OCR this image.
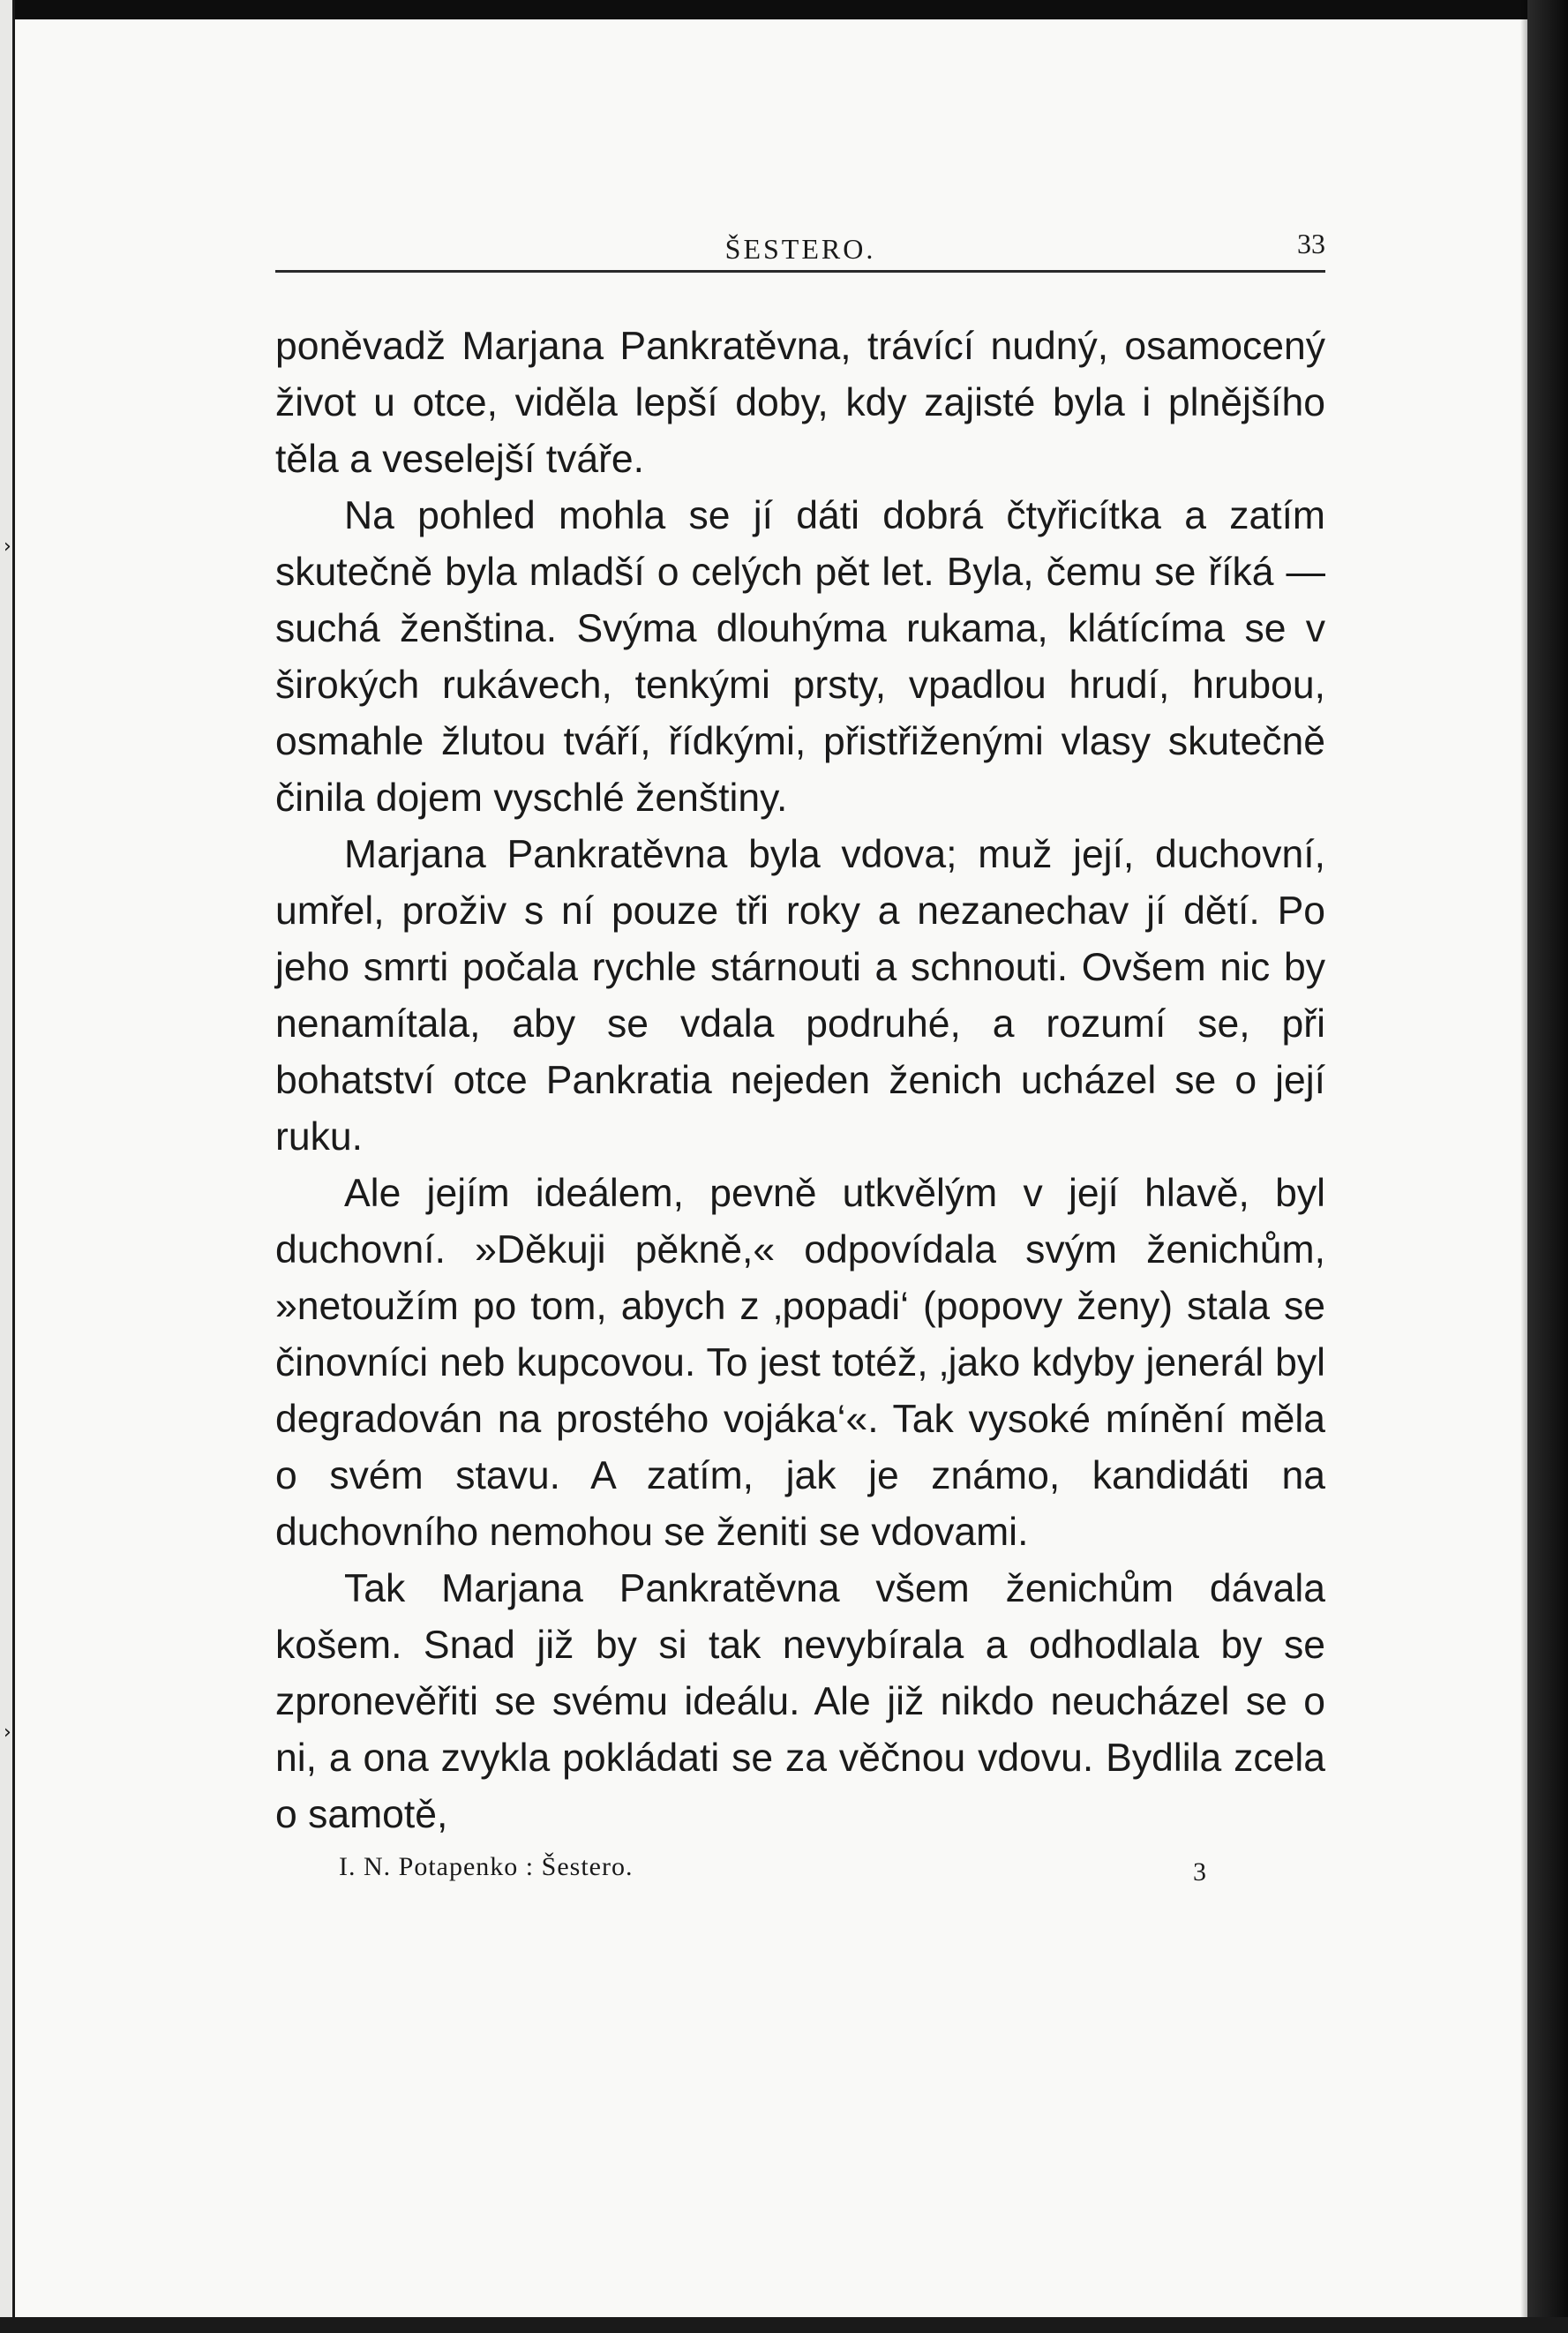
›
›
ŠESTERO.	33

poněvadž Marjana Pankratěvna, trávící nudný, osamocený život u otce, viděla lepší doby, kdy zajisté byla i plnějšího těla a veselejší tváře.

Na pohled mohla se jí dáti dobrá čtyřicítka a zatím skutečně byla mladší o celých pět let. Byla, čemu se říká — suchá ženština. Svýma dlouhýma rukama, klátícíma se v širokých rukávech, tenkými prsty, vpadlou hrudí, hrubou, osmahle žlutou tváří, řídkými, přistřiženými vlasy skutečně činila dojem vyschlé ženštiny.

Marjana Pankratěvna byla vdova; muž její, duchovní, umřel, proživ s ní pouze tři roky a nezanechav jí dětí. Po jeho smrti počala rychle stárnouti a schnouti. Ovšem nic by nenamítala, aby se vdala podruhé, a rozumí se, při bohatství otce Pankratia nejeden ženich ucházel se o její ruku.

Ale jejím ideálem, pevně utkvělým v její hlavě, byl duchovní. »Děkuji pěkně,« odpovídala svým ženichům, »netoužím po tom, abych z ‚popadi‘ (popovy ženy) stala se činovníci neb kupcovou. To jest totéž, ‚jako kdyby jenerál byl degradován na prostého vojáka‘«. Tak vysoké mínění měla o svém stavu. A zatím, jak je známo, kandidáti na duchovního nemohou se ženiti se vdovami.

Tak Marjana Pankratěvna všem ženichům dávala košem. Snad již by si tak nevybírala a odhodlala by se zpronevěřiti se svému ideálu. Ale již nikdo neucházel se o ni, a ona zvykla pokládati se za věčnou vdovu. Bydlila zcela o samotě,

I. N. Potapenko : Šestero.	3
